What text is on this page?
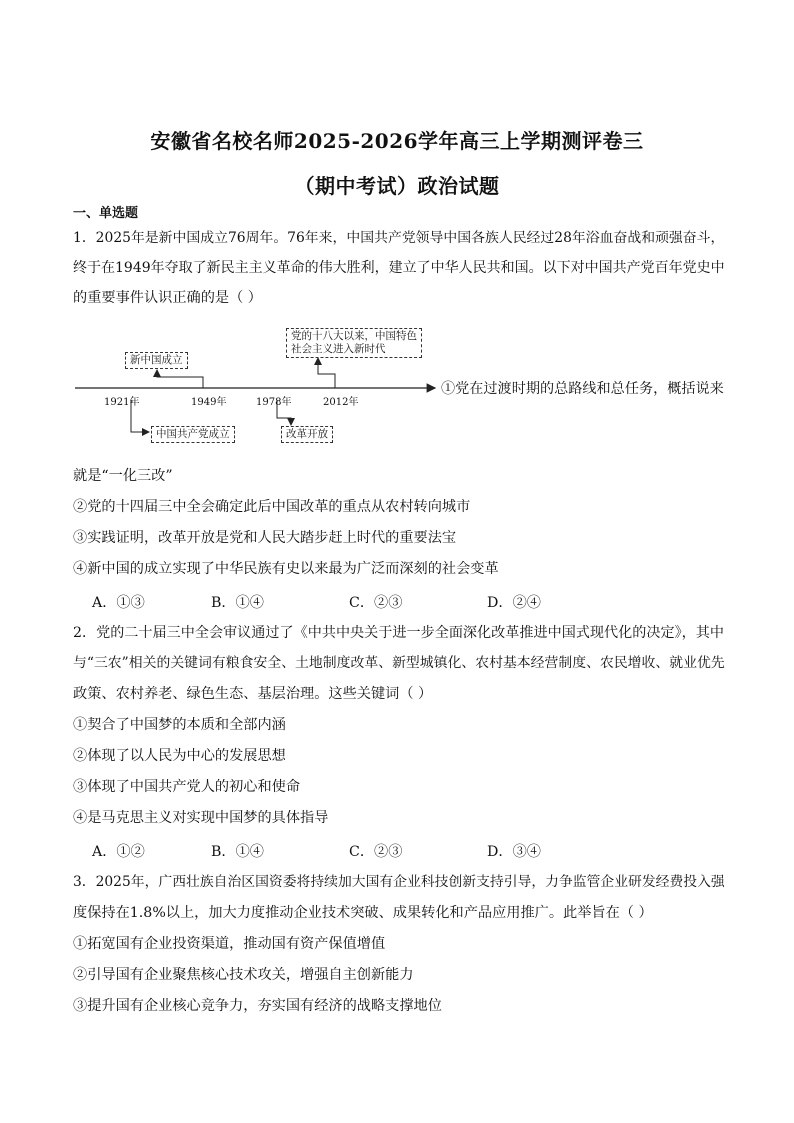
安徽省名校名师2025-2026学年高三上学期测评卷三
（期中考试）政治试题
一、单选题
1．2025年是新中国成立76周年。76年来，中国共产党领导中国各族人民经过28年浴血奋战和顽强奋斗，
终于在1949年夺取了新民主主义革命的伟大胜利，建立了中华人民共和国。以下对中国共产党百年党史中
的重要事件认识正确的是（ ）
新中国成立
中国共产党成立	改革开放
党的十八大以来，中国特色
社会主义进入新时代
1921年	1949年	1978年	2012年
①党在过渡时期的总路线和总任务，概括说来
就是“一化三改”
②党的十四届三中全会确定此后中国改革的重点从农村转向城市
③实践证明，改革开放是党和人民大踏步赶上时代的重要法宝
④新中国的成立实现了中华民族有史以来最为广泛而深刻的社会变革
A．①③	B．①④	C．②③	D．②④
2．党的二十届三中全会审议通过了《中共中央关于进一步全面深化改革推进中国式现代化的决定》，其中
与“三农”相关的关键词有粮食安全、土地制度改革、新型城镇化、农村基本经营制度、农民增收、就业优先
政策、农村养老、绿色生态、基层治理。这些关键词（ ）
①契合了中国梦的本质和全部内涵
②体现了以人民为中心的发展思想
③体现了中国共产党人的初心和使命
④是马克思主义对实现中国梦的具体指导
A．①②	B．①④	C．②③	D．③④
3．2025年，广西壮族自治区国资委将持续加大国有企业科技创新支持引导，力争监管企业研发经费投入强
度保持在1.8%以上，加大力度推动企业技术突破、成果转化和产品应用推广。此举旨在（ ）
①拓宽国有企业投资渠道，推动国有资产保值增值
②引导国有企业聚焦核心技术攻关，增强自主创新能力
③提升国有企业核心竞争力，夯实国有经济的战略支撑地位
